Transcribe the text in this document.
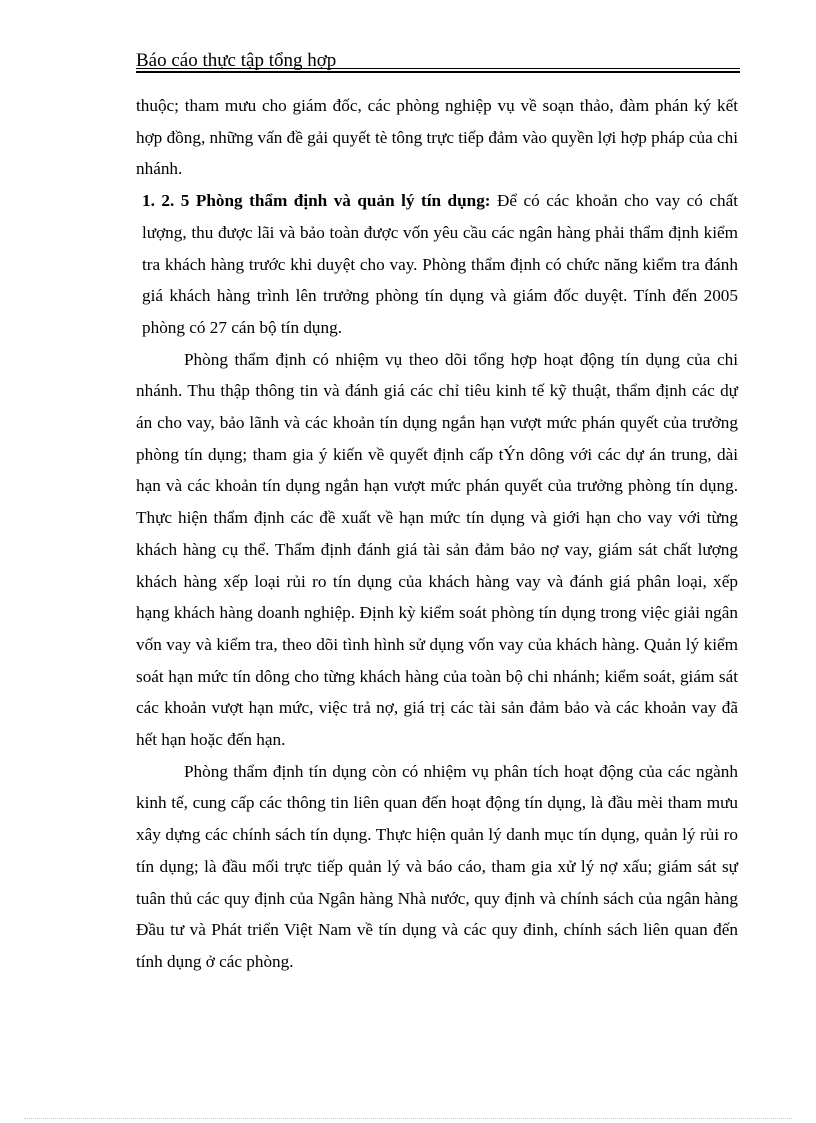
Báo cáo thực tập tổng hợp

thuộc; tham mưu cho giám đốc, các phòng nghiệp vụ về soạn thảo, đàm phán ký kết hợp đồng, những vấn đề gải quyết tè tông trực tiếp đảm vào quyền lợi hợp pháp của chi nhánh.

1. 2. 5 Phòng thẩm định và quản lý tín dụng: Để có các khoản cho vay có chất lượng, thu được lãi và bảo toàn được vốn yêu cầu các ngân hàng phải thẩm định kiểm tra khách hàng trước khi duyệt cho vay. Phòng thẩm định có chức năng kiểm tra đánh giá khách hàng trình lên trưởng phòng tín dụng và giám đốc duyệt. Tính đến 2005 phòng có 27 cán bộ tín dụng.

Phòng thẩm định có nhiệm vụ theo dõi tổng hợp hoạt động tín dụng của chi nhánh. Thu thập thông tin và đánh giá các chỉ tiêu kinh tế kỹ thuật, thẩm định các dự án cho vay, bảo lãnh và các khoản tín dụng ngắn hạn vượt mức phán quyết của trưởng phòng tín dụng; tham gia ý kiến về quyết định cấp tÝn dông với các dự án trung, dài hạn và các khoản tín dụng ngắn hạn vượt mức phán quyết của trưởng phòng tín dụng. Thực hiện thẩm định các đề xuất về hạn mức tín dụng và giới hạn cho vay với từng khách hàng cụ thể. Thẩm định đánh giá tài sản đảm bảo nợ vay, giám sát chất lượng khách hàng xếp loại rủi ro tín dụng của khách hàng vay và đánh giá phân loại, xếp hạng khách hàng doanh nghiệp. Định kỳ kiểm soát phòng tín dụng trong việc giải ngân vốn vay và kiểm tra, theo dõi tình hình sử dụng vốn vay của khách hàng. Quản lý kiểm soát hạn mức tín dông cho từng khách hàng của toàn bộ chi nhánh; kiểm soát, giám sát các khoản vượt hạn mức, việc trả nợ, giá trị các tài sản đảm bảo và các khoản vay đã hết hạn hoặc đến hạn.

Phòng thẩm định tín dụng còn có nhiệm vụ phân tích hoạt động của các ngành kinh tế, cung cấp các thông tin liên quan đến hoạt động tín dụng, là đầu mèi tham mưu xây dựng các chính sách tín dụng. Thực hiện quản lý danh mục tín dụng, quản lý rủi ro tín dụng; là đầu mối trực tiếp quản lý và báo cáo, tham gia xử lý nợ xấu; giám sát sự tuân thủ các quy định của Ngân hàng Nhà nước, quy định và chính sách của ngân hàng Đầu tư và Phát triển Việt Nam về tín dụng và các quy đinh, chính sách liên quan đến tính dụng ở các phòng.
